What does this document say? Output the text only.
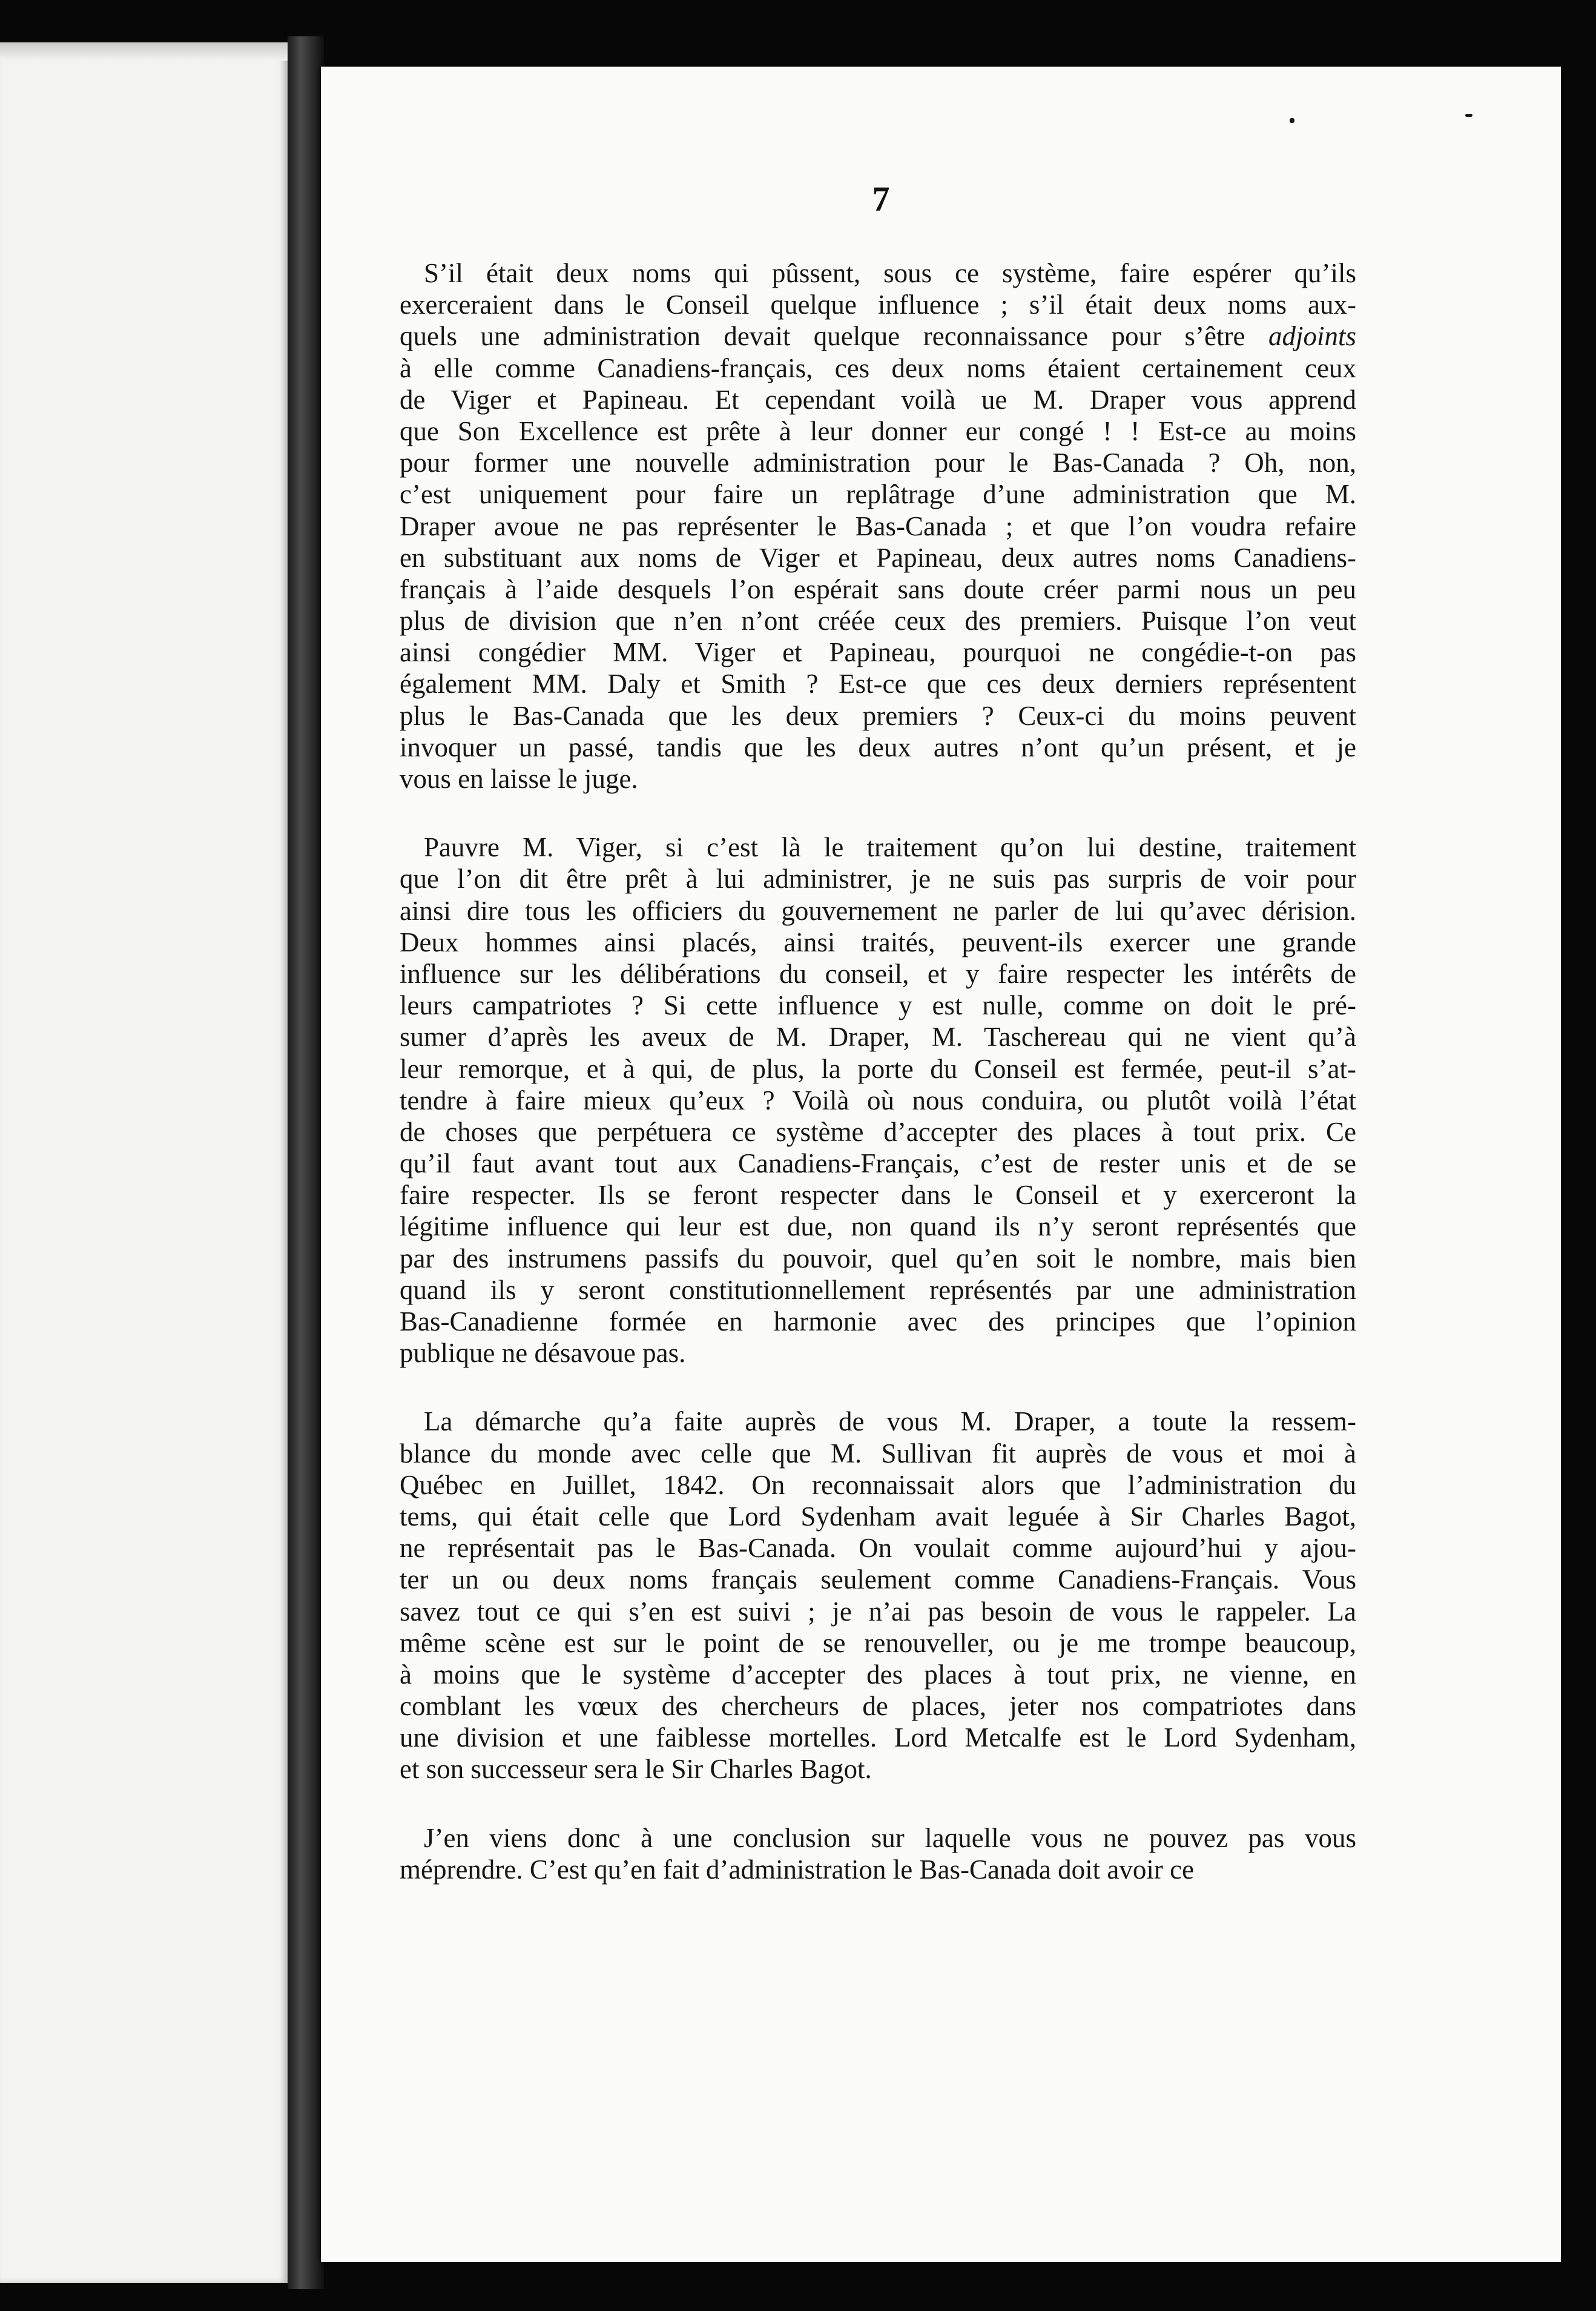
7
S’il était deux noms qui pûssent, sous ce système, faire espérer qu’ils
exerceraient dans le Conseil quelque influence ; s’il était deux noms aux-
quels une administration devait quelque reconnaissance pour s’être adjoints
à elle comme Canadiens-français, ces deux noms étaient certainement ceux
de Viger et Papineau. Et cependant voilà ue M. Draper vous apprend
que Son Excellence est prête à leur donner eur congé ! ! Est-ce au moins
pour former une nouvelle administration pour le Bas-Canada ? Oh, non,
c’est uniquement pour faire un replâtrage d’une administration que M.
Draper avoue ne pas représenter le Bas-Canada ; et que l’on voudra refaire
en substituant aux noms de Viger et Papineau, deux autres noms Canadiens-
français à l’aide desquels l’on espérait sans doute créer parmi nous un peu
plus de division que n’en n’ont créée ceux des premiers. Puisque l’on veut
ainsi congédier MM. Viger et Papineau, pourquoi ne congédie-t-on pas
également MM. Daly et Smith ? Est-ce que ces deux derniers représentent
plus le Bas-Canada que les deux premiers ? Ceux-ci du moins peuvent
invoquer un passé, tandis que les deux autres n’ont qu’un présent, et je
vous en laisse le juge.
Pauvre M. Viger, si c’est là le traitement qu’on lui destine, traitement
que l’on dit être prêt à lui administrer, je ne suis pas surpris de voir pour
ainsi dire tous les officiers du gouvernement ne parler de lui qu’avec dérision.
Deux hommes ainsi placés, ainsi traités, peuvent-ils exercer une grande
influence sur les délibérations du conseil, et y faire respecter les intérêts de
leurs campatriotes ? Si cette influence y est nulle, comme on doit le pré-
sumer d’après les aveux de M. Draper, M. Taschereau qui ne vient qu’à
leur remorque, et à qui, de plus, la porte du Conseil est fermée, peut-il s’at-
tendre à faire mieux qu’eux ? Voilà où nous conduira, ou plutôt voilà l’état
de choses que perpétuera ce système d’accepter des places à tout prix. Ce
qu’il faut avant tout aux Canadiens-Français, c’est de rester unis et de se
faire respecter. Ils se feront respecter dans le Conseil et y exerceront la
légitime influence qui leur est due, non quand ils n’y seront représentés que
par des instrumens passifs du pouvoir, quel qu’en soit le nombre, mais bien
quand ils y seront constitutionnellement représentés par une administration
Bas-Canadienne formée en harmonie avec des principes que l’opinion
publique ne désavoue pas.
La démarche qu’a faite auprès de vous M. Draper, a toute la ressem-
blance du monde avec celle que M. Sullivan fit auprès de vous et moi à
Québec en Juillet, 1842. On reconnaissait alors que l’administration du
tems, qui était celle que Lord Sydenham avait leguée à Sir Charles Bagot,
ne représentait pas le Bas-Canada. On voulait comme aujourd’hui y ajou-
ter un ou deux noms français seulement comme Canadiens-Français. Vous
savez tout ce qui s’en est suivi ; je n’ai pas besoin de vous le rappeler. La
même scène est sur le point de se renouveller, ou je me trompe beaucoup,
à moins que le système d’accepter des places à tout prix, ne vienne, en
comblant les vœux des chercheurs de places, jeter nos compatriotes dans
une division et une faiblesse mortelles. Lord Metcalfe est le Lord Sydenham,
et son successeur sera le Sir Charles Bagot.
J’en viens donc à une conclusion sur laquelle vous ne pouvez pas vous
méprendre. C’est qu’en fait d’administration le Bas-Canada doit avoir ce
